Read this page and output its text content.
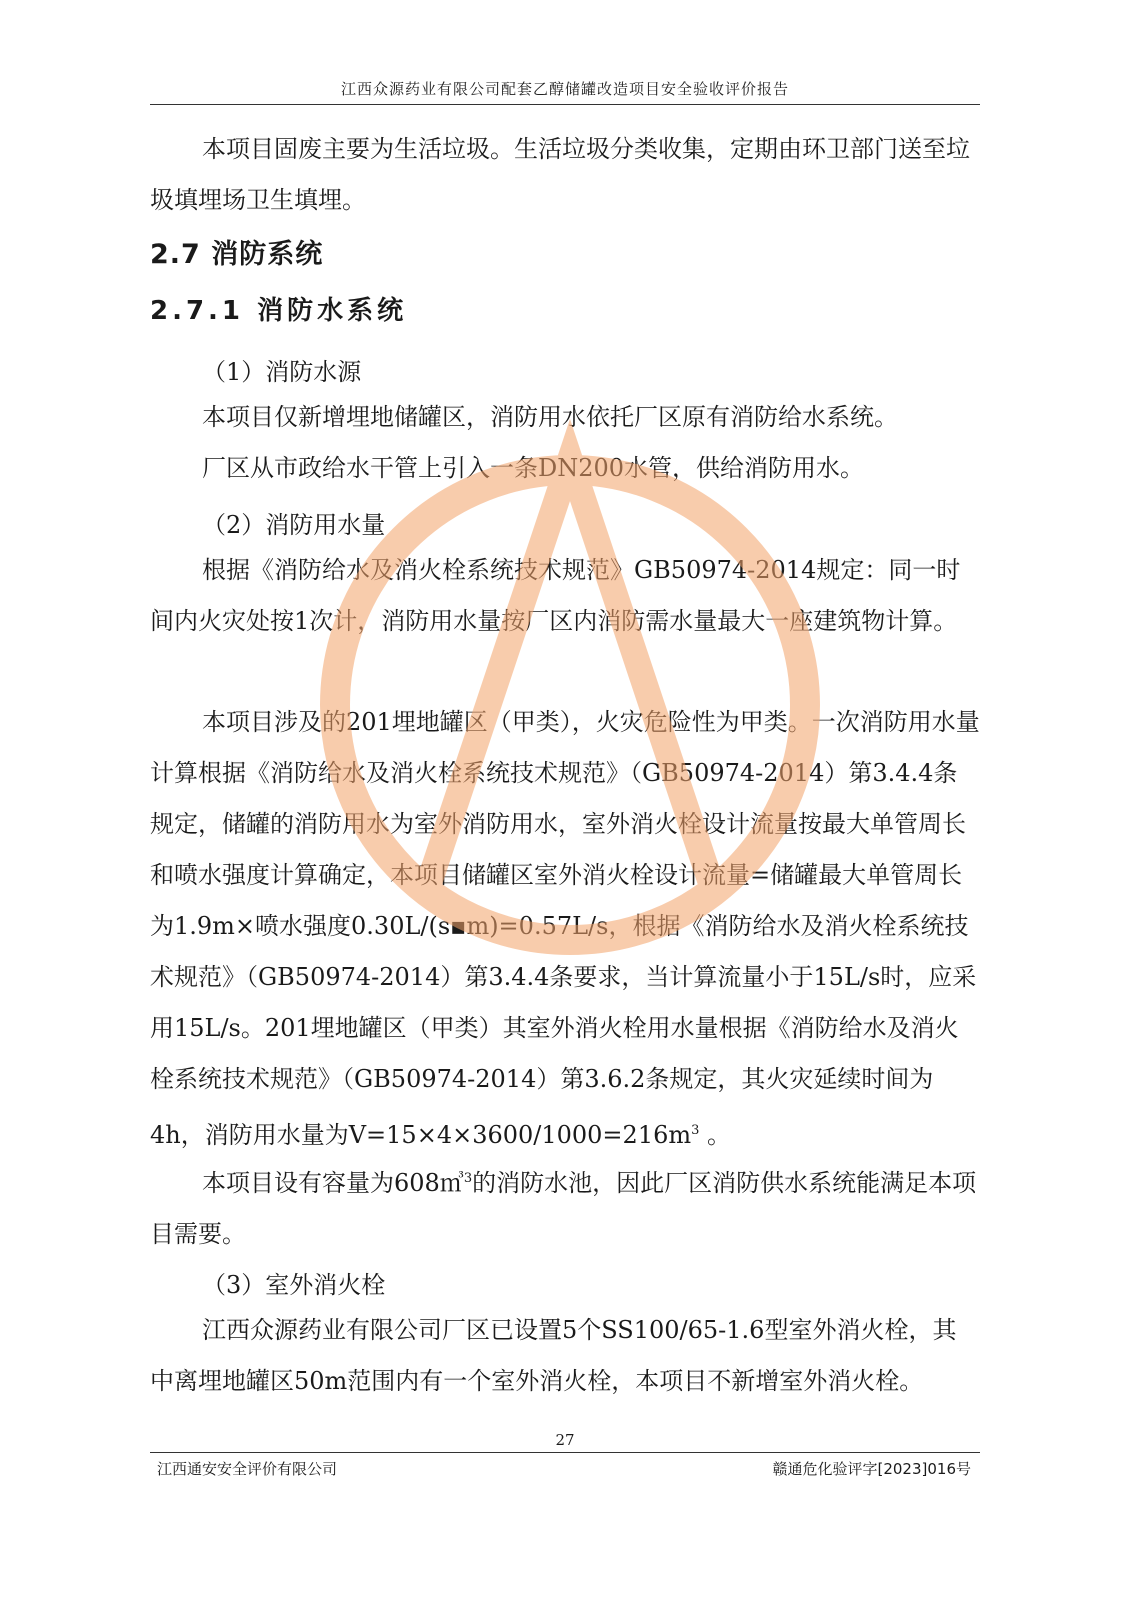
江西众源药业有限公司配套乙醇储罐改造项目安全验收评价报告
本项目固废主要为生活垃圾。生活垃圾分类收集，定期由环卫部门送至垃圾填埋场卫生填埋。
2.7 消防系统
2.7.1 消防水系统
（1）消防水源
本项目仅新增埋地储罐区，消防用水依托厂区原有消防给水系统。
厂区从市政给水干管上引入一条DN200水管，供给消防用水。
（2）消防用水量
根据《消防给水及消火栓系统技术规范》GB50974-2014规定：同一时间内火灾处按1次计，消防用水量按厂区内消防需水量最大一座建筑物计算。
本项目涉及的201埋地罐区（甲类），火灾危险性为甲类。一次消防用水量计算根据《消防给水及消火栓系统技术规范》（GB50974-2014）第3.4.4条规定，储罐的消防用水为室外消防用水，室外消火栓设计流量按最大单管周长和喷水强度计算确定，本项目储罐区室外消火栓设计流量=储罐最大单管周长为1.9m×喷水强度0.30L/(s▪m)=0.57L/s，根据《消防给水及消火栓系统技术规范》（GB50974-2014）第3.4.4条要求，当计算流量小于15L/s时，应采用15L/s。201埋地罐区（甲类）其室外消火栓用水量根据《消防给水及消火栓系统技术规范》（GB50974-2014）第3.6.2条规定，其火灾延续时间为4h，消防用水量为$V=15\times 4\times 3600/1000=216m^3$ 。
本项目设有容量为608㎥$^3$的消防水池，因此厂区消防供水系统能满足本项目需要。
（3）室外消火栓
江西众源药业有限公司厂区已设置5个SS100/65-1.6型室外消火栓，其中离埋地罐区50m范围内有一个室外消火栓，本项目不新增室外消火栓。
27
江西通安安全评价有限公司	赣通危化验评字[2023]016号
